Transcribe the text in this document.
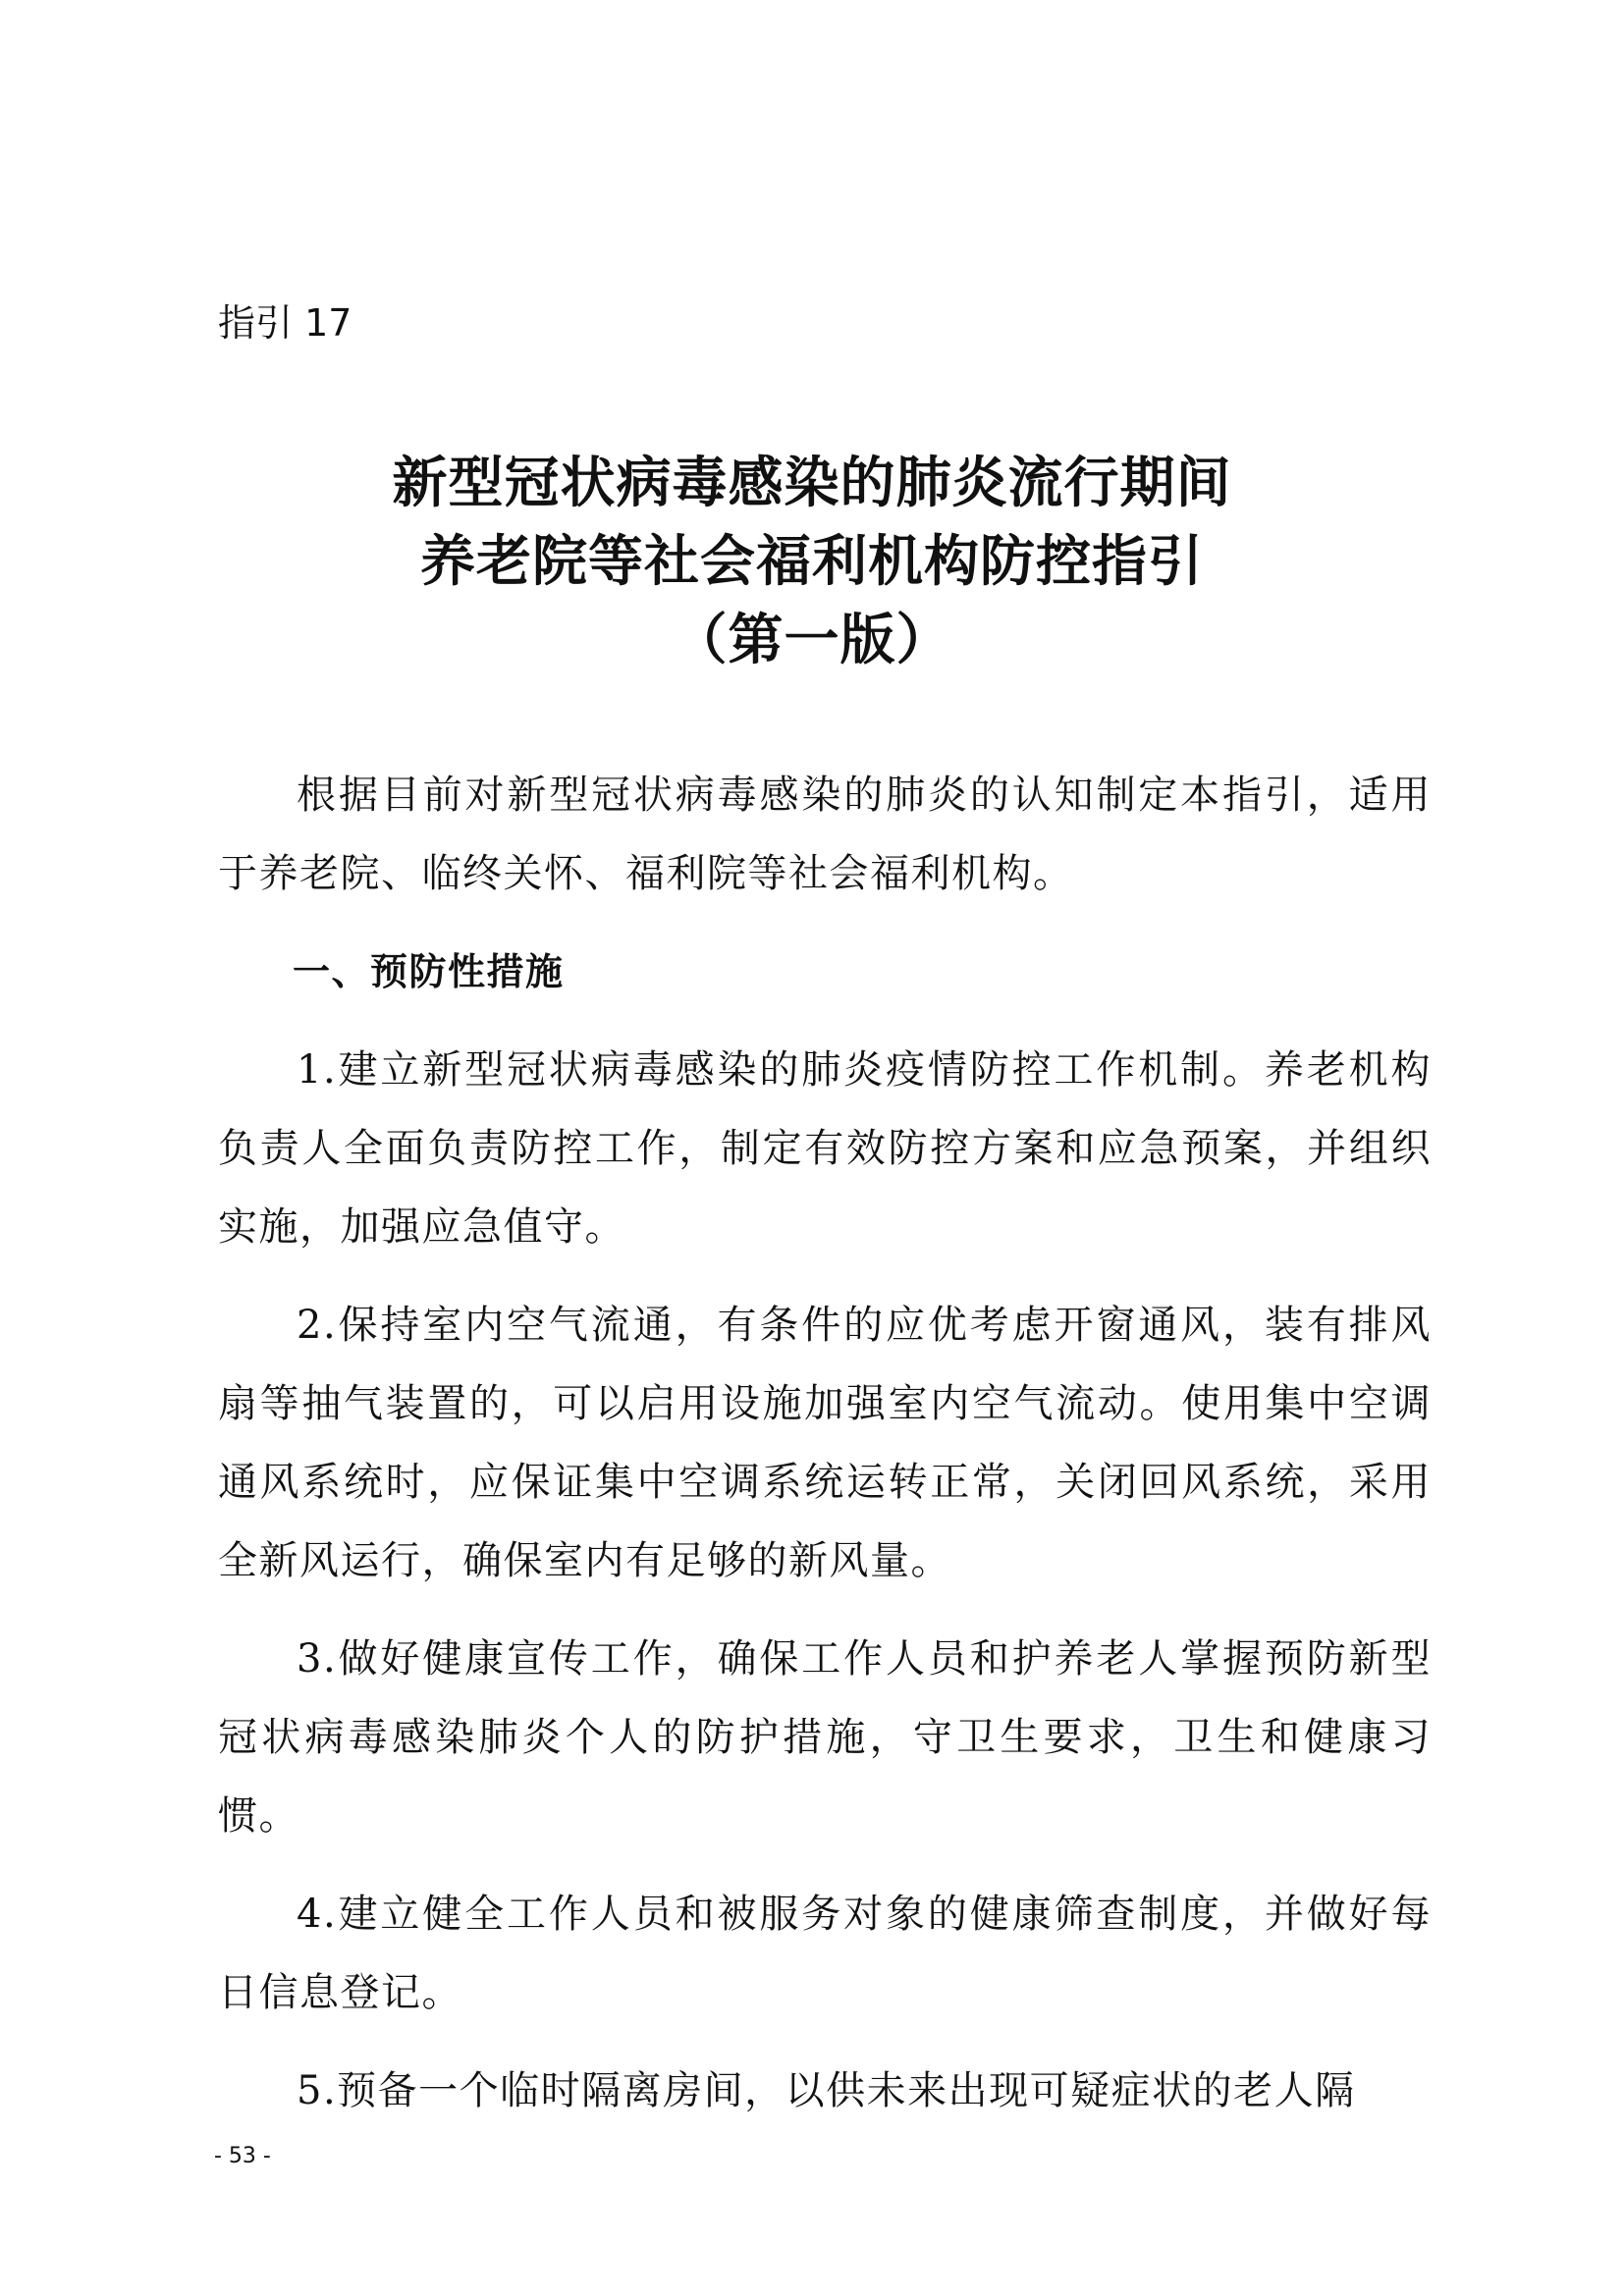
指引 17

新型冠状病毒感染的肺炎流行期间

养老院等社会福利机构防控指引

（第一版）

根据目前对新型冠状病毒感染的肺炎的认知制定本指引，适用于养老院、临终关怀、福利院等社会福利机构。

一、预防性措施

1.建立新型冠状病毒感染的肺炎疫情防控工作机制。养老机构负责人全面负责防控工作，制定有效防控方案和应急预案，并组织实施，加强应急值守。

2.保持室内空气流通，有条件的应优考虑开窗通风，装有排风扇等抽气装置的，可以启用设施加强室内空气流动。使用集中空调通风系统时，应保证集中空调系统运转正常，关闭回风系统，采用全新风运行，确保室内有足够的新风量。

3.做好健康宣传工作，确保工作人员和护养老人掌握预防新型冠状病毒感染肺炎个人的防护措施，守卫生要求，卫生和健康习惯。

4.建立健全工作人员和被服务对象的健康筛查制度，并做好每日信息登记。

5.预备一个临时隔离房间，以供未来出现可疑症状的老人隔

- 53 -
